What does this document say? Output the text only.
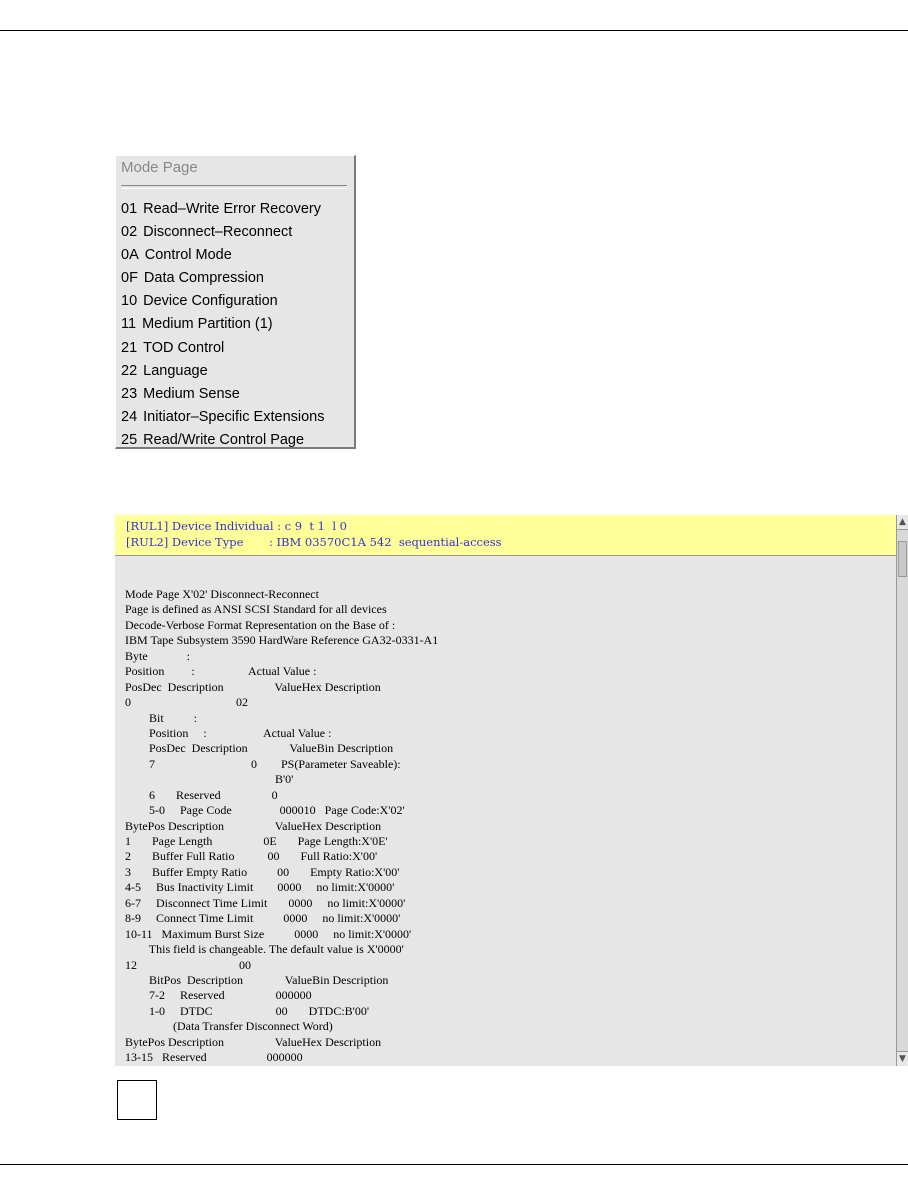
Mode Page
01 Read–Write Error Recovery
02 Disconnect–Reconnect
0A Control Mode
0F Data Compression
10 Device Configuration
11 Medium Partition (1)
21 TOD Control
22 Language
23 Medium Sense
24 Initiator–Specific Extensions
25 Read/Write Control Page
[RUL1] Device Individual : c 9  t 1  l 0
[RUL2] Device Type       : IBM 03570C1A 542  sequential-access
Mode Page X'02' Disconnect-Reconnect
Page is defined as ANSI SCSI Standard for all devices
Decode-Verbose Format Representation on the Base of :
IBM Tape Subsystem 3590 HardWare Reference GA32-0331-A1
Byte             :
Position         :                  Actual Value :
PosDec  Description                 ValueHex Description
0                                   02
Bit          :
Position     :                   Actual Value :
PosDec  Description              ValueBin Description
7                                0        PS(Parameter Saveable):
B'0'
6       Reserved                 0
5-0     Page Code                000010   Page Code:X'02'
BytePos Description                 ValueHex Description
1       Page Length                 0E       Page Length:X'0E'
2       Buffer Full Ratio           00       Full Ratio:X'00'
3       Buffer Empty Ratio          00       Empty Ratio:X'00'
4-5     Bus Inactivity Limit        0000     no limit:X'0000'
6-7     Disconnect Time Limit       0000     no limit:X'0000'
8-9     Connect Time Limit          0000     no limit:X'0000'
10-11   Maximum Burst Size          0000     no limit:X'0000'
This field is changeable. The default value is X'0000'
12                                  00
BitPos  Description              ValueBin Description
7-2     Reserved                 000000
1-0     DTDC                     00       DTDC:B'00'
(Data Transfer Disconnect Word)
BytePos Description                 ValueHex Description
13-15   Reserved                    000000
▲
▼
